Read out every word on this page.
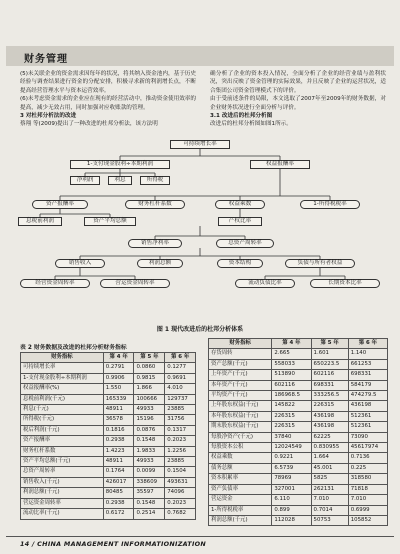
财务管理

(5)未关联企业的资金需求因每年的状况，将其纳入资金池内，基于历史经验与调查结果进行资金的分配安排，积极寻求新的利润增长点，不断提高经营管理水平与资本运营效率。

(6)未考虑资金需求的企业应在现有的经营活动中，推动资金使用效率的提高，减少无效占用，同时加强对应收账款的管理。

3 对杜邦分析法的改进

蔡翔 等(2009)提出了一种改进的杜邦分析法，该方法明

确分析了企业的资本投入情况，全面分析了企业的经营业绩与盈利状况，突出反映了资金管理的实际效果，并且反映了企业的运营状况，适合集团公司资金管理模式下的评价。

由于受前述条件的局限，本文选取了2007年至2009年的财务数据，对企业财务状况进行全面分析与评价。

3.1 改进后的杜邦分析图

改进后的杜邦分析图如图1所示。

可持续增长率
1-支付现金股利÷本期利润	权益报酬率
净利润	利息	所得税
资产报酬率	财务杠杆系数	权益乘数	1-所得税税率
息税前利润	资产平均总额	产权比率
销售净利率	总资产周转率
销售收入	利润总额	资本结构	负债与所有者权益
经营资金周转率	营运资金周转率	流动负债比率	长期资本比率
图 1 现代改进后的杜邦分析体系
表 2 财务数据及改进的杜邦分析财务指标
财务指标	第 4 年	第 5 年	第 6 年
可持续增长率	0.2791	0.0860	0.1277
1-支付现金股利÷本期利润	0.9906	0.9815	0.9691
权益报酬率(%)	1.550	1.866	4.010
息税前利润(千元)	165339	100666	129737
利息(千元)	48911	49933	23885
所得税(千元)	36578	15196	31756
税后利润(千元)	0.1816	0.0876	0.1317
资产报酬率	0.2938	0.1548	0.2023
财务杠杆系数	1.4223	1.9833	1.2256
资产平均总额(千元)	48911	49933	23885
总资产周转率	0.1764	0.0099	0.1504
销售收入(千元)	426017	338609	493631
利润总额(千元)	80485	35597	74096
营运资金周转率	0.2938	0.1548	0.2023
流动比率(千元)	0.6172	0.2514	0.7682
财务指标	第 4 年	第 5 年	第 6 年
存货周转	2.665	1.601	1.140
资产总额(千元)	558033	650223.5	661253
上年资产(千元)	513890	602116	698331
本年资产(千元)	602116	698331	584179
平均资产(千元)	186968.5	333256.5	474279.5
上年股东权益(千元)	145822	226315	436198
本年股东权益(千元)	226315	436198	512361
期末股东权益(千元)	226315	436198	512361
每股净资产(千元)	37840	62225	73090
每股资本公积	12024549	0.830955	45617974
权益乘数	0.9221	1.664	0.7136
债务总额	6.5739	45.001	0.225
资本积累率	78969	5825	318580
资产负债率	327001	262131	71818
营运资金	6.110	7.010	7.010
1-所得税税率	0.899	0.7014	0.6999
利润总额(千元)	112028	50753	105852
14 / CHINA MANAGEMENT INFORMATIONIZATION
